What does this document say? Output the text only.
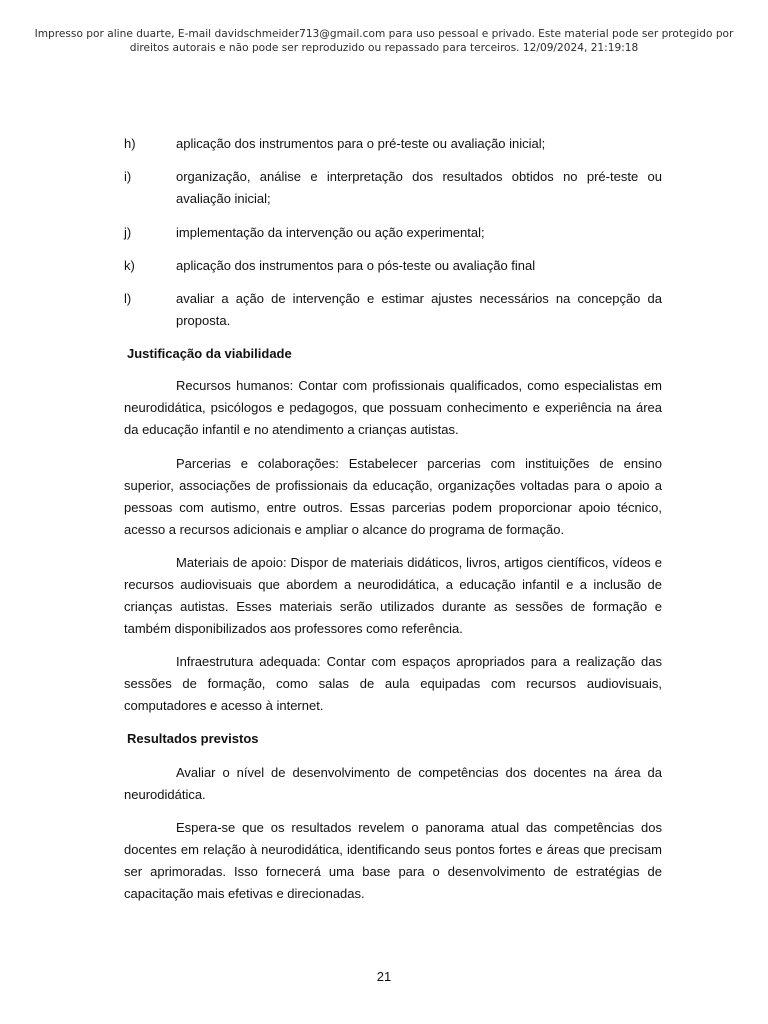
Impresso por aline duarte, E-mail davidschmeider713@gmail.com para uso pessoal e privado. Este material pode ser protegido por
direitos autorais e não pode ser reproduzido ou repassado para terceiros. 12/09/2024, 21:19:18
h)	aplicação dos instrumentos para o pré-teste ou avaliação inicial;
i)	organização, análise e interpretação dos resultados obtidos no pré-teste ou avaliação inicial;
j)	implementação da intervenção ou ação experimental;
k)	aplicação dos instrumentos para o pós-teste ou avaliação final
l)	avaliar a ação de intervenção e estimar ajustes necessários na concepção da proposta.
Justificação da viabilidade

Recursos humanos: Contar com profissionais qualificados, como especialistas em neurodidática, psicólogos e pedagogos, que possuam conhecimento e experiência na área da educação infantil e no atendimento a crianças autistas.

Parcerias e colaborações: Estabelecer parcerias com instituições de ensino superior, associações de profissionais da educação, organizações voltadas para o apoio a pessoas com autismo, entre outros. Essas parcerias podem proporcionar apoio técnico, acesso a recursos adicionais e ampliar o alcance do programa de formação.

Materiais de apoio: Dispor de materiais didáticos, livros, artigos científicos, vídeos e recursos audiovisuais que abordem a neurodidática, a educação infantil e a inclusão de crianças autistas. Esses materiais serão utilizados durante as sessões de formação e também disponibilizados aos professores como referência.

Infraestrutura adequada: Contar com espaços apropriados para a realização das sessões de formação, como salas de aula equipadas com recursos audiovisuais, computadores e acesso à internet.

Resultados previstos

Avaliar o nível de desenvolvimento de competências dos docentes na área da neurodidática.

Espera-se que os resultados revelem o panorama atual das competências dos docentes em relação à neurodidática, identificando seus pontos fortes e áreas que precisam ser aprimoradas. Isso fornecerá uma base para o desenvolvimento de estratégias de capacitação mais efetivas e direcionadas.

21
